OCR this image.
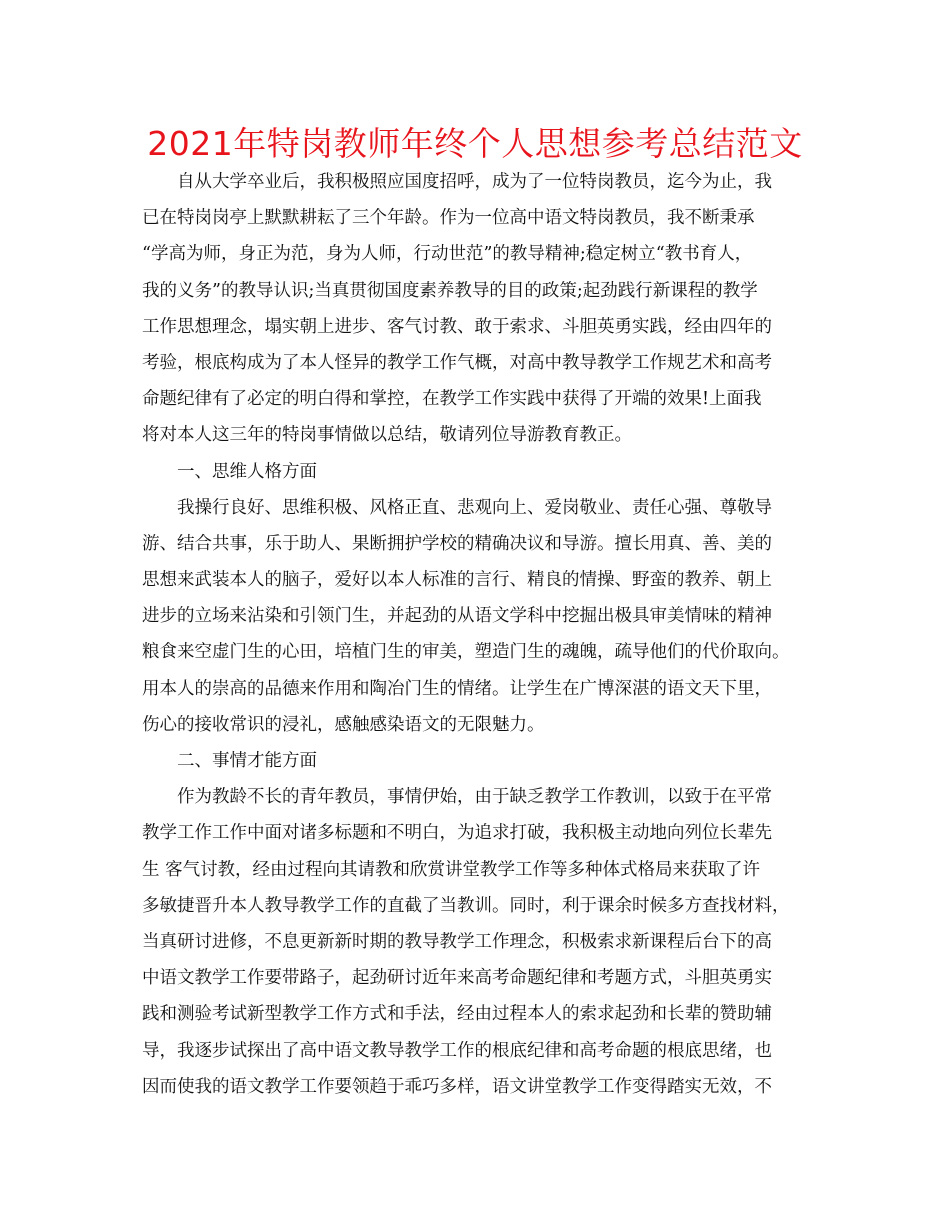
2021年特岗教师年终个人思想参考总结范文
自从大学卒业后，我积极照应国度招呼，成为了一位特岗教员，迄今为止，我
已在特岗岗亭上默默耕耘了三个年龄。作为一位高中语文特岗教员，我不断秉承
“学高为师，身正为范，身为人师，行动世范”的教导精神;稳定树立“教书育人，
我的义务”的教导认识;当真贯彻国度素养教导的目的政策;起劲践行新课程的教学
工作思想理念，塌实朝上进步、客气讨教、敢于索求、斗胆英勇实践，经由四年的
考验，根底构成为了本人怪异的教学工作气概，对高中教导教学工作规艺术和高考
命题纪律有了必定的明白得和掌控，在教学工作实践中获得了开端的效果!上面我
将对本人这三年的特岗事情做以总结，敬请列位导游教育教正。
一、思维人格方面
我操行良好、思维积极、风格正直、悲观向上、爱岗敬业、责任心强、尊敬导
游、结合共事，乐于助人、果断拥护学校的精确决议和导游。擅长用真、善、美的
思想来武装本人的脑子，爱好以本人标准的言行、精良的情操、野蛮的教养、朝上
进步的立场来沾染和引领门生，并起劲的从语文学科中挖掘出极具审美情味的精神
粮食来空虚门生的心田，培植门生的审美，塑造门生的魂魄，疏导他们的代价取向。
用本人的崇高的品德来作用和陶冶门生的情绪。让学生在广博深湛的语文天下里，
伤心的接收常识的浸礼，感触感染语文的无限魅力。
二、事情才能方面
作为教龄不长的青年教员，事情伊始，由于缺乏教学工作教训，以致于在平常
教学工作工作中面对诸多标题和不明白，为追求打破，我积极主动地向列位长辈先
生 客气讨教，经由过程向其请教和欣赏讲堂教学工作等多种体式格局来获取了许
多敏捷晋升本人教导教学工作的直截了当教训。同时，利于课余时候多方查找材料，
当真研讨进修，不息更新新时期的教导教学工作理念，积极索求新课程后台下的高
中语文教学工作要带路子，起劲研讨近年来高考命题纪律和考题方式，斗胆英勇实
践和测验考试新型教学工作方式和手法，经由过程本人的索求起劲和长辈的赞助辅
导，我逐步试探出了高中语文教导教学工作的根底纪律和高考命题的根底思绪，也
因而使我的语文教学工作要领趋于乖巧多样，语文讲堂教学工作变得踏实无效，不
